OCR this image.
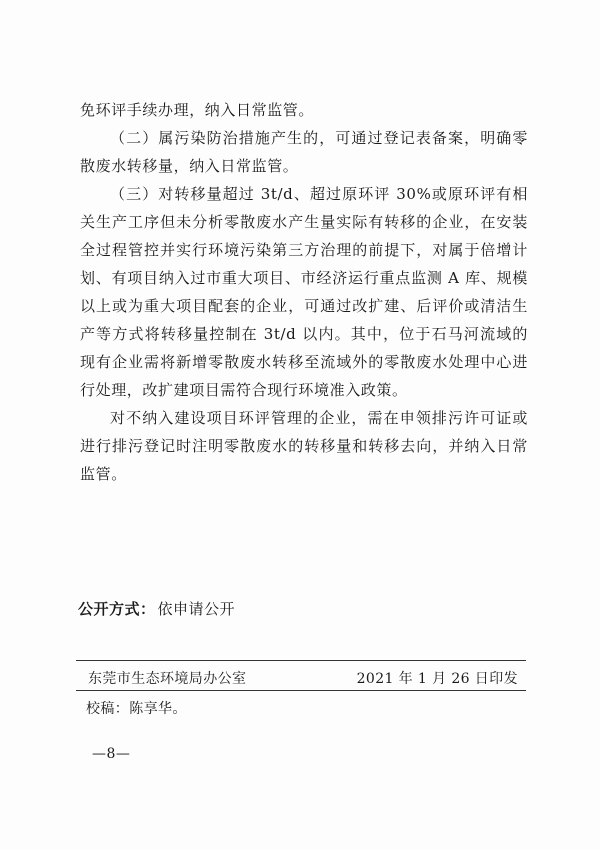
免环评手续办理，纳入日常监管。

（二）属污染防治措施产生的，可通过登记表备案，明确零散废水转移量，纳入日常监管。

（三）对转移量超过 3t/d、超过原环评 30%或原环评有相关生产工序但未分析零散废水产生量实际有转移的企业，在安装全过程管控并实行环境污染第三方治理的前提下，对属于倍增计划、有项目纳入过市重大项目、市经济运行重点监测 A 库、规模以上或为重大项目配套的企业，可通过改扩建、后评价或清洁生产等方式将转移量控制在 3t/d 以内。其中，位于石马河流域的现有企业需将新增零散废水转移至流域外的零散废水处理中心进行处理，改扩建项目需符合现行环境准入政策。

对不纳入建设项目环评管理的企业，需在申领排污许可证或进行排污登记时注明零散废水的转移量和转移去向，并纳入日常监管。

公开方式： 依申请公开
东莞市生态环境局办公室	2021 年 1 月 26 日印发
校稿：陈享华。
—8—
